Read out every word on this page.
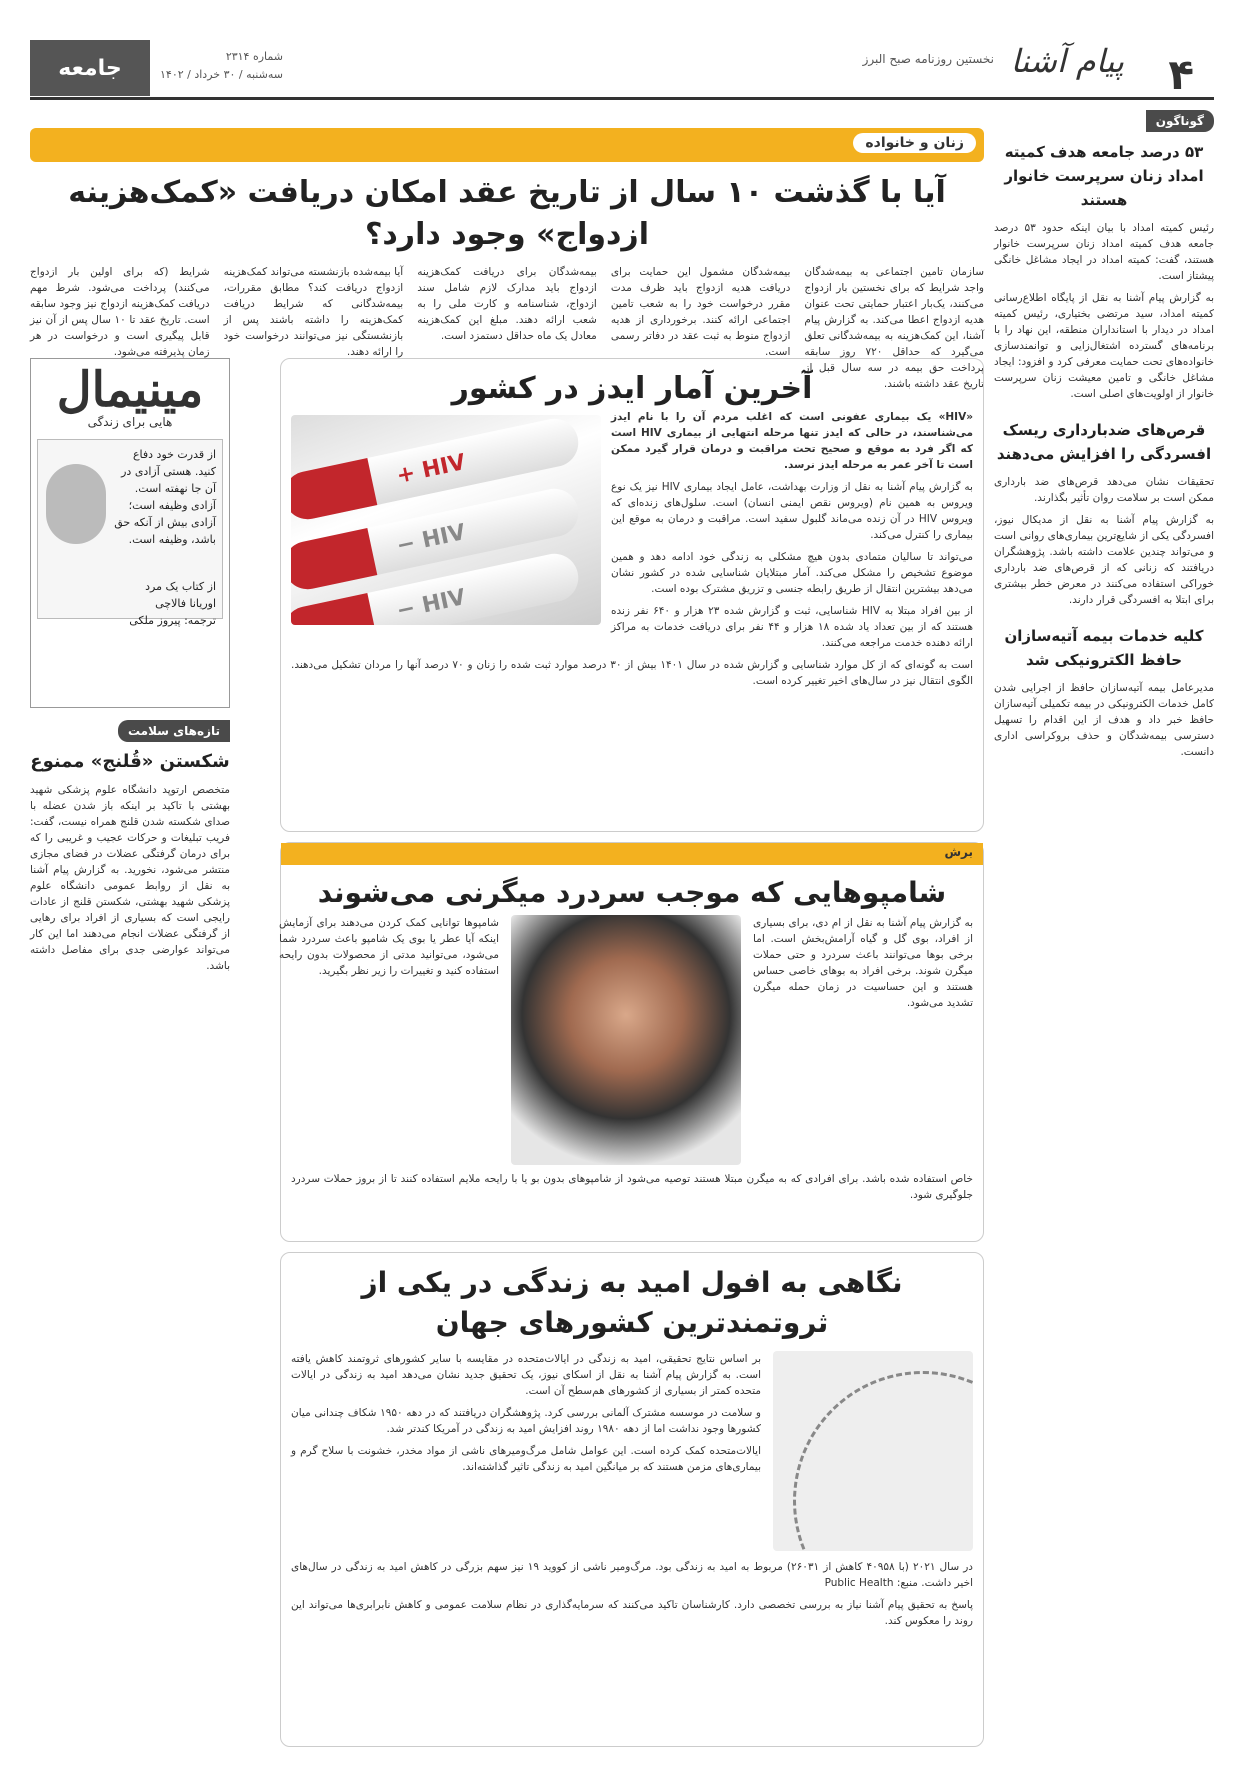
۴
پیام آشنا
نخستین روزنامه صبح البرز
شماره ۲۳۱۴
سه‌شنبه / ۳۰ خرداد / ۱۴۰۲
جامعه
گوناگون
۵۳ درصد جامعه هدف کمیته امداد زنان سرپرست خانوار هستند

رئیس کمیته امداد با بیان اینکه حدود ۵۳ درصد جامعه هدف کمیته امداد زنان سرپرست خانوار هستند، گفت: کمیته امداد در ایجاد مشاغل خانگی پیشتاز است.

به گزارش پیام آشنا به نقل از پایگاه اطلاع‌رسانی کمیته امداد، سید مرتضی بختیاری، رئیس کمیته امداد در دیدار با استانداران منطقه، این نهاد را با برنامه‌های گسترده اشتغال‌زایی و توانمندسازی خانواده‌های تحت حمایت معرفی کرد و افزود: ایجاد مشاغل خانگی و تامین معیشت زنان سرپرست خانوار از اولویت‌های اصلی است.

قرص‌های ضدبارداری ریسک افسردگی را افزایش می‌دهند

تحقیقات نشان می‌دهد قرص‌های ضد بارداری ممکن است بر سلامت روان تأثیر بگذارند.

به گزارش پیام آشنا به نقل از مدیکال نیوز، افسردگی یکی از شایع‌ترین بیماری‌های روانی است و می‌تواند چندین علامت داشته باشد. پژوهشگران دریافتند که زنانی که از قرص‌های ضد بارداری خوراکی استفاده می‌کنند در معرض خطر بیشتری برای ابتلا به افسردگی قرار دارند.

کلیه خدمات بیمه آتیه‌سازان حافظ الکترونیکی شد

مدیرعامل بیمه آتیه‌سازان حافظ از اجرایی شدن کامل خدمات الکترونیکی در بیمه تکمیلی آتیه‌سازان حافظ خبر داد و هدف از این اقدام را تسهیل دسترسی بیمه‌شدگان و حذف بروکراسی اداری دانست.

زنان و خانواده
آیا با گذشت ۱۰ سال از تاریخ عقد امکان دریافت «کمک‌هزینه ازدواج» وجود دارد؟

سازمان تامین اجتماعی به بیمه‌شدگان واجد شرایط که برای نخستین بار ازدواج می‌کنند، یک‌بار اعتبار حمایتی تحت عنوان هدیه ازدواج اعطا می‌کند. به گزارش پیام آشنا، این کمک‌هزینه به بیمه‌شدگانی تعلق می‌گیرد که حداقل ۷۲۰ روز سابقه پرداخت حق بیمه در سه سال قبل از تاریخ عقد داشته باشند.

بیمه‌شدگان مشمول این حمایت برای دریافت هدیه ازدواج باید ظرف مدت مقرر درخواست خود را به شعب تامین اجتماعی ارائه کنند. برخورداری از هدیه ازدواج منوط به ثبت عقد در دفاتر رسمی است.

بیمه‌شدگان برای دریافت کمک‌هزینه ازدواج باید مدارک لازم شامل سند ازدواج، شناسنامه و کارت ملی را به شعب ارائه دهند. مبلغ این کمک‌هزینه معادل یک ماه حداقل دستمزد است.

آیا بیمه‌شده بازنشسته می‌تواند کمک‌هزینه ازدواج دریافت کند؟ مطابق مقررات، بیمه‌شدگانی که شرایط دریافت کمک‌هزینه را داشته باشند پس از بازنشستگی نیز می‌توانند درخواست خود را ارائه دهند.

شرایط (که برای اولین بار ازدواج می‌کنند) پرداخت می‌شود. شرط مهم دریافت کمک‌هزینه ازدواج نیز وجود سابقه است. تاریخ عقد تا ۱۰ سال پس از آن نیز قابل پیگیری است و درخواست در هر زمان پذیرفته می‌شود.

آخرین آمار ایدز در کشور
HIV +
HIV −
HIV −

«HIV» یک بیماری عفونی است که اغلب مردم آن را با نام ایدز می‌شناسند، در حالی که ایدز تنها مرحله انتهایی از بیماری HIV است که اگر فرد به موقع و صحیح تحت مراقبت و درمان قرار گیرد ممکن است تا آخر عمر به مرحله ایدز نرسد.

به گزارش پیام آشنا به نقل از وزارت بهداشت، عامل ایجاد بیماری HIV نیز یک نوع ویروس به همین نام (ویروس نقص ایمنی انسان) است. سلول‌های زنده‌ای که ویروس HIV در آن زنده می‌ماند گلبول سفید است. مراقبت و درمان به موقع این بیماری را کنترل می‌کند.

می‌تواند تا سالیان متمادی بدون هیچ مشکلی به زندگی خود ادامه دهد و همین موضوع تشخیص را مشکل می‌کند. آمار مبتلایان شناسایی شده در کشور نشان می‌دهد بیشترین انتقال از طریق رابطه جنسی و تزریق مشترک بوده است.

از بین افراد مبتلا به HIV شناسایی، ثبت و گزارش شده ۲۳ هزار و ۶۴۰ نفر زنده هستند که از بین تعداد یاد شده ۱۸ هزار و ۴۴ نفر برای دریافت خدمات به مراکز ارائه دهنده خدمت مراجعه می‌کنند.

است به گونه‌ای که از کل موارد شناسایی و گزارش شده در سال ۱۴۰۱ بیش از ۳۰ درصد موارد ثبت شده را زنان و ۷۰ درصد آنها را مردان تشکیل می‌دهند. الگوی انتقال نیز در سال‌های اخیر تغییر کرده است.

مینیمال
هایی برای زندگی

از قدرت خود دفاع کنید. هستی آزادی در آن جا نهفته است. آزادی وظیفه است؛ آزادی بیش از آنکه حق باشد، وظیفه است.

از کتاب یک مرد

اوریانا فالاچی

ترجمه: پیروز ملکی

تازه‌های سلامت
شکستن «قُلنج» ممنوع

متخصص ارتوپد دانشگاه علوم پزشکی شهید بهشتی با تاکید بر اینکه باز شدن عضله با صدای شکسته شدن قلنج همراه نیست، گفت: فریب تبلیغات و حرکات عجیب و غریبی را که برای درمان گرفتگی عضلات در فضای مجازی منتشر می‌شود، نخورید. به گزارش پیام آشنا به نقل از روابط عمومی دانشگاه علوم پزشکی شهید بهشتی، شکستن قلنج از عادات رایجی است که بسیاری از افراد برای رهایی از گرفتگی عضلات انجام می‌دهند اما این کار می‌تواند عوارضی جدی برای مفاصل داشته باشد.

برش
شامپوهایی که موجب سردرد میگرنی می‌شوند

به گزارش پیام آشنا به نقل از ام دی، برای بسیاری از افراد، بوی گل و گیاه آرامش‌بخش است. اما برخی بوها می‌توانند باعث سردرد و حتی حملات میگرن شوند. برخی افراد به بوهای خاصی حساس هستند و این حساسیت در زمان حمله میگرن تشدید می‌شود.

شامپوها توانایی کمک کردن می‌دهند برای آزمایش اینکه آیا عطر یا بوی یک شامپو باعث سردرد شما می‌شود، می‌توانید مدتی از محصولات بدون رایحه استفاده کنید و تغییرات را زیر نظر بگیرید.

خاص استفاده شده باشد. برای افرادی که به میگرن مبتلا هستند توصیه می‌شود از شامپوهای بدون بو یا با رایحه ملایم استفاده کنند تا از بروز حملات سردرد جلوگیری شود.

نگاهی به افول امید به زندگی در یکی از ثروتمندترین کشورهای جهان

بر اساس نتایج تحقیقی، امید به زندگی در ایالات‌متحده در مقایسه با سایر کشورهای ثروتمند کاهش یافته است. به گزارش پیام آشنا به نقل از اسکای نیوز، یک تحقیق جدید نشان می‌دهد امید به زندگی در ایالات متحده کمتر از بسیاری از کشورهای هم‌سطح آن است.

و سلامت در موسسه مشترک آلمانی بررسی کرد. پژوهشگران دریافتند که در دهه ۱۹۵۰ شکاف چندانی میان کشورها وجود نداشت اما از دهه ۱۹۸۰ روند افزایش امید به زندگی در آمریکا کندتر شد.

ایالات‌متحده کمک کرده است. این عوامل شامل مرگ‌ومیرهای ناشی از مواد مخدر، خشونت با سلاح گرم و بیماری‌های مزمن هستند که بر میانگین امید به زندگی تاثیر گذاشته‌اند.

در سال ۲۰۲۱ (با ۴۰۹۵۸ کاهش از ۲۶۰۳۱) مربوط به امید به زندگی بود. مرگ‌ومیر ناشی از کووید ۱۹ نیز سهم بزرگی در کاهش امید به زندگی در سال‌های اخیر داشت. منبع: Public Health

پاسخ به تحقیق پیام آشنا نیاز به بررسی تخصصی دارد. کارشناسان تاکید می‌کنند که سرمایه‌گذاری در نظام سلامت عمومی و کاهش نابرابری‌ها می‌تواند این روند را معکوس کند.
